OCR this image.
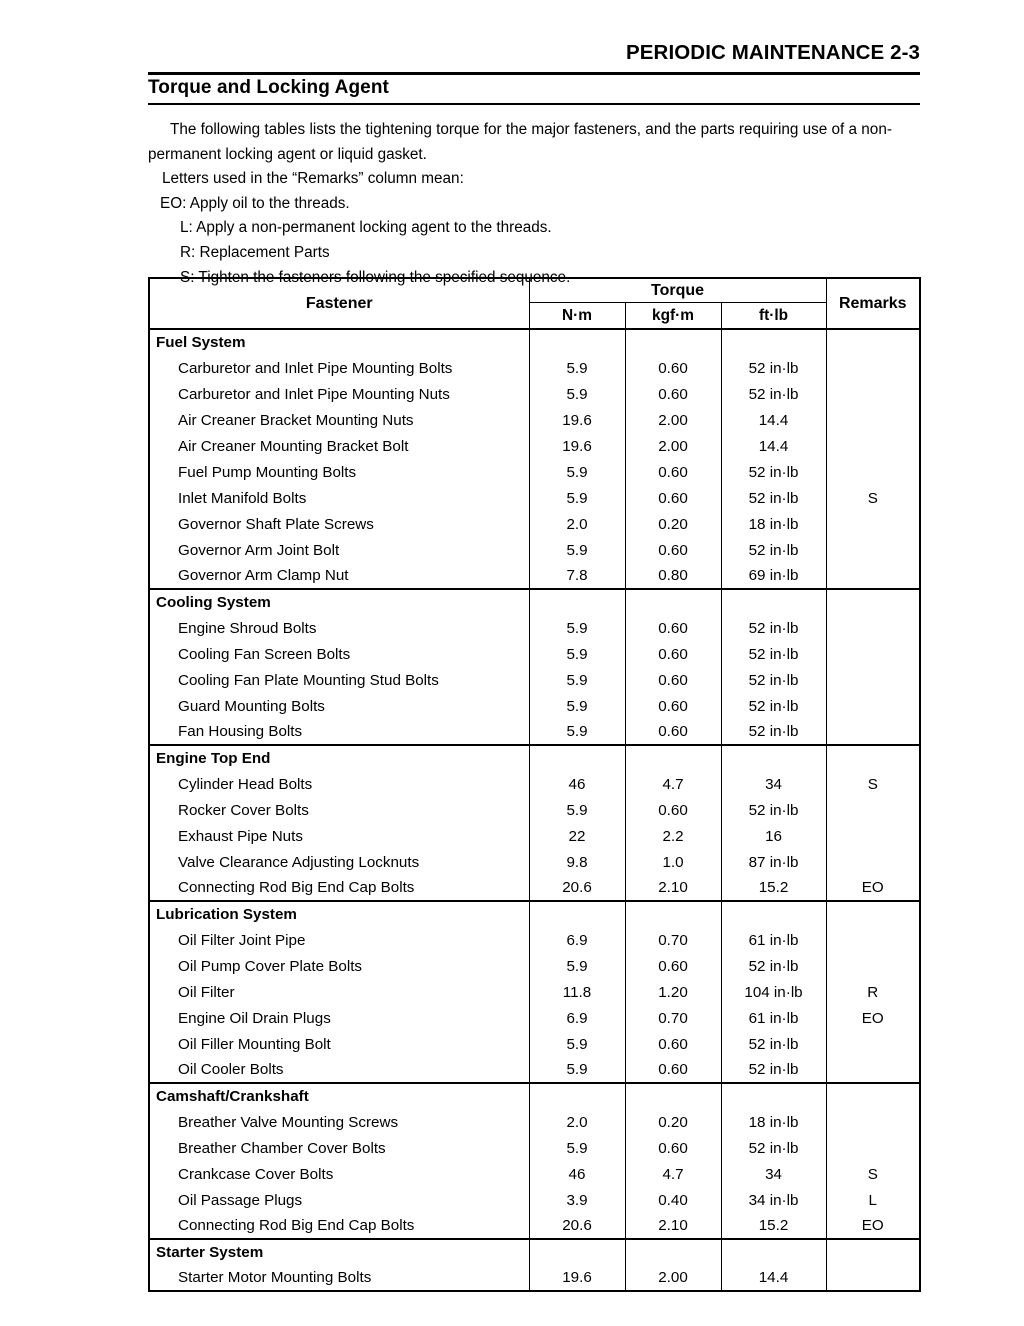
PERIODIC MAINTENANCE 2-3
Torque and Locking Agent
The following tables lists the tightening torque for the major fasteners, and the parts requiring use of a non-permanent locking agent or liquid gasket.
Letters used in the “Remarks” column mean:
EO: Apply oil to the threads.
L: Apply a non-permanent locking agent to the threads.
R: Replacement Parts
S: Tighten the fasteners following the specified sequence.
Fastener	Torque			Remarks
	N·m	kgf·m	ft·lb	
Fuel System				
Carburetor and Inlet Pipe Mounting Bolts	5.9	0.60	52 in·lb	
Carburetor and Inlet Pipe Mounting Nuts	5.9	0.60	52 in·lb	
Air Creaner Bracket Mounting Nuts	19.6	2.00	14.4	
Air Creaner Mounting Bracket Bolt	19.6	2.00	14.4	
Fuel Pump Mounting Bolts	5.9	0.60	52 in·lb	
Inlet Manifold Bolts	5.9	0.60	52 in·lb	S
Governor Shaft Plate Screws	2.0	0.20	18 in·lb	
Governor Arm Joint Bolt	5.9	0.60	52 in·lb	
Governor Arm Clamp Nut	7.8	0.80	69 in·lb	
Cooling System				
Engine Shroud Bolts	5.9	0.60	52 in·lb	
Cooling Fan Screen Bolts	5.9	0.60	52 in·lb	
Cooling Fan Plate Mounting Stud Bolts	5.9	0.60	52 in·lb	
Guard Mounting Bolts	5.9	0.60	52 in·lb	
Fan Housing Bolts	5.9	0.60	52 in·lb	
Engine Top End				
Cylinder Head Bolts	46	4.7	34	S
Rocker Cover Bolts	5.9	0.60	52 in·lb	
Exhaust Pipe Nuts	22	2.2	16	
Valve Clearance Adjusting Locknuts	9.8	1.0	87 in·lb	
Connecting Rod Big End Cap Bolts	20.6	2.10	15.2	EO
Lubrication System				
Oil Filter Joint Pipe	6.9	0.70	61 in·lb	
Oil Pump Cover Plate Bolts	5.9	0.60	52 in·lb	
Oil Filter	11.8	1.20	104 in·lb	R
Engine Oil Drain Plugs	6.9	0.70	61 in·lb	EO
Oil Filler Mounting Bolt	5.9	0.60	52 in·lb	
Oil Cooler Bolts	5.9	0.60	52 in·lb	
Camshaft/Crankshaft				
Breather Valve Mounting Screws	2.0	0.20	18 in·lb	
Breather Chamber Cover Bolts	5.9	0.60	52 in·lb	
Crankcase Cover Bolts	46	4.7	34	S
Oil Passage Plugs	3.9	0.40	34 in·lb	L
Connecting Rod Big End Cap Bolts	20.6	2.10	15.2	EO
Starter System				
Starter Motor Mounting Bolts	19.6	2.00	14.4	
